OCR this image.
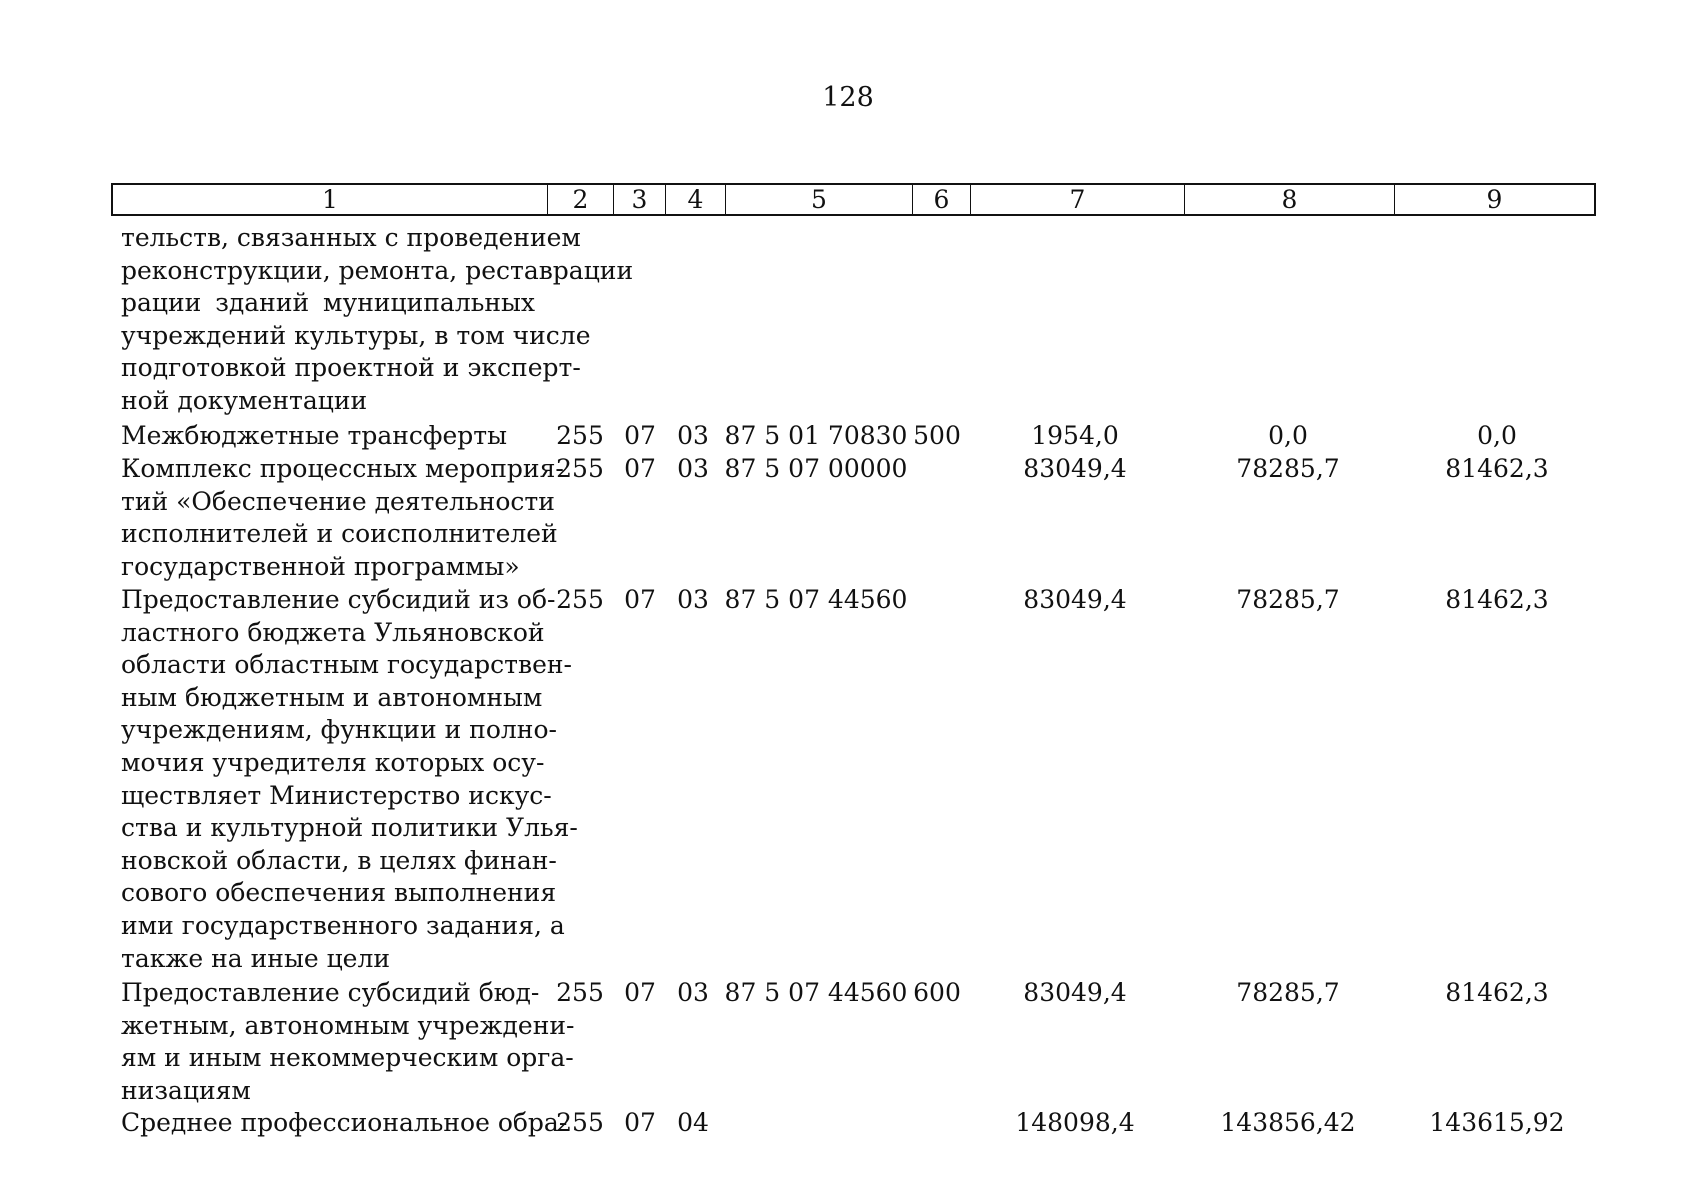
128
1	2	3	4	5	6	7	8	9
тельств, связанных с проведением
реконструкции, ремонта, реставрации
рации зданий муниципальных
учреждений культуры, в том числе
подготовкой проектной и эксперт-
ной документации
Межбюджетные трансферты	255 07 03 87 5 01 70830 500	1954,0	0,0	0,0
Комплекс процессных мероприя-
тий «Обеспечение деятельности
исполнителей и соисполнителей
государственной программы»
255 07 03 87 5 07 00000	83049,4	78285,7	81462,3
Предоставление субсидий из об-
ластного бюджета Ульяновской
области областным государствен-
ным бюджетным и автономным
учреждениям, функции и полно-
мочия учредителя которых осу-
ществляет Министерство искус-
ства и культурной политики Улья-
новской области, в целях финан-
сового обеспечения выполнения
ими государственного задания, а
также на иные цели
255 07 03 87 5 07 44560	83049,4	78285,7	81462,3
Предоставление субсидий бюд-
жетным, автономным учреждени-
ям и иным некоммерческим орга-
низациям
255 07 03 87 5 07 44560 600	83049,4	78285,7	81462,3
Среднее профессиональное обра-
255 07 04	148098,4	143856,42	143615,92
